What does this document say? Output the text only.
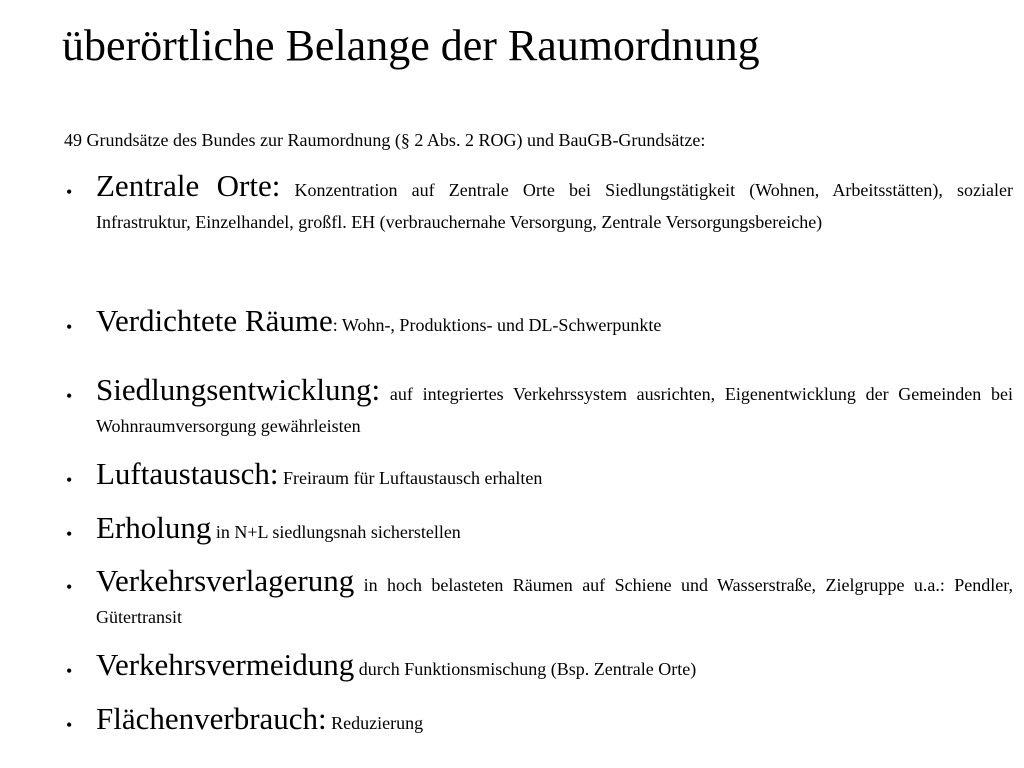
überörtliche Belange der Raumordnung
49 Grundsätze des Bundes zur Raumordnung (§ 2 Abs. 2 ROG) und BauGB-Grundsätze:
• Zentrale Orte: Konzentration auf Zentrale Orte bei Siedlungstätigkeit (Wohnen, Arbeitsstätten), sozialer Infrastruktur, Einzelhandel, großfl. EH (verbrauchernahe Versorgung, Zentrale Versorgungsbereiche)
• Verdichtete Räume: Wohn-, Produktions- und DL-Schwerpunkte
• Siedlungsentwicklung: auf integriertes Verkehrssystem ausrichten, Eigenentwicklung der Gemeinden bei Wohnraumversorgung gewährleisten
• Luftaustausch: Freiraum für Luftaustausch erhalten
• Erholung in N+L siedlungsnah sicherstellen
• Verkehrsverlagerung in hoch belasteten Räumen auf Schiene und Wasserstraße, Zielgruppe u.a.: Pendler, Gütertransit
• Verkehrsvermeidung durch Funktionsmischung (Bsp. Zentrale Orte)
• Flächenverbrauch: Reduzierung
